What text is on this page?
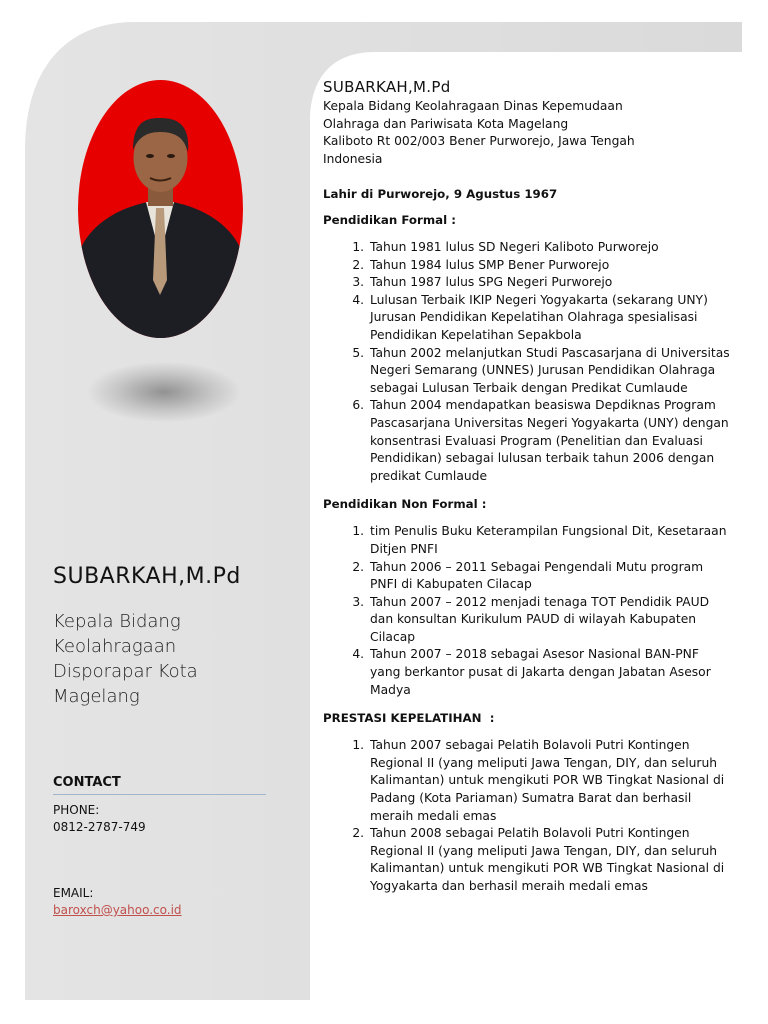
SUBARKAH,M.Pd
Kepala Bidang Keolahragaan Disporapar Kota Magelang
CONTACT
PHONE:
0812-2787-749
EMAIL:
baroxch@yahoo.co.id
SUBARKAH,M.Pd

Kepala Bidang Keolahragaan Dinas Kepemudaan

Olahraga dan Pariwisata Kota Magelang

Kaliboto Rt 002/003 Bener Purworejo, Jawa Tengah

Indonesia

Lahir di Purworejo, 9 Agustus 1967
Pendidikan Formal :
1. Tahun 1981 lulus SD Negeri Kaliboto Purworejo
2. Tahun 1984 lulus SMP Bener Purworejo
3. Tahun 1987 lulus SPG Negeri Purworejo
4. Lulusan Terbaik IKIP Negeri Yogyakarta (sekarang UNY) Jurusan Pendidikan Kepelatihan Olahraga spesialisasi Pendidikan Kepelatihan Sepakbola
5. Tahun 2002 melanjutkan Studi Pascasarjana di Universitas Negeri Semarang (UNNES) Jurusan Pendidikan Olahraga sebagai Lulusan Terbaik dengan Predikat Cumlaude
6. Tahun 2004 mendapatkan beasiswa Depdiknas Program Pascasarjana Universitas Negeri Yogyakarta (UNY) dengan konsentrasi Evaluasi Program (Penelitian dan Evaluasi Pendidikan) sebagai lulusan terbaik tahun 2006 dengan predikat Cumlaude
Pendidikan Non Formal :
1. tim Penulis Buku Keterampilan Fungsional Dit, Kesetaraan Ditjen PNFI
2. Tahun 2006 – 2011 Sebagai Pengendali Mutu program PNFI di Kabupaten Cilacap
3. Tahun 2007 – 2012 menjadi tenaga TOT Pendidik PAUD dan konsultan Kurikulum PAUD di wilayah Kabupaten Cilacap
4. Tahun 2007 – 2018 sebagai Asesor Nasional BAN-PNF yang berkantor pusat di Jakarta dengan Jabatan Asesor Madya
PRESTASI KEPELATIHAN  :
1. Tahun 2007 sebagai Pelatih Bolavoli Putri Kontingen Regional II (yang meliputi Jawa Tengan, DIY, dan seluruh Kalimantan) untuk mengikuti POR WB Tingkat Nasional di Padang (Kota Pariaman) Sumatra Barat dan berhasil meraih medali emas
2. Tahun 2008 sebagai Pelatih Bolavoli Putri Kontingen Regional II (yang meliputi Jawa Tengan, DIY, dan seluruh Kalimantan) untuk mengikuti POR WB Tingkat Nasional di Yogyakarta dan berhasil meraih medali emas
